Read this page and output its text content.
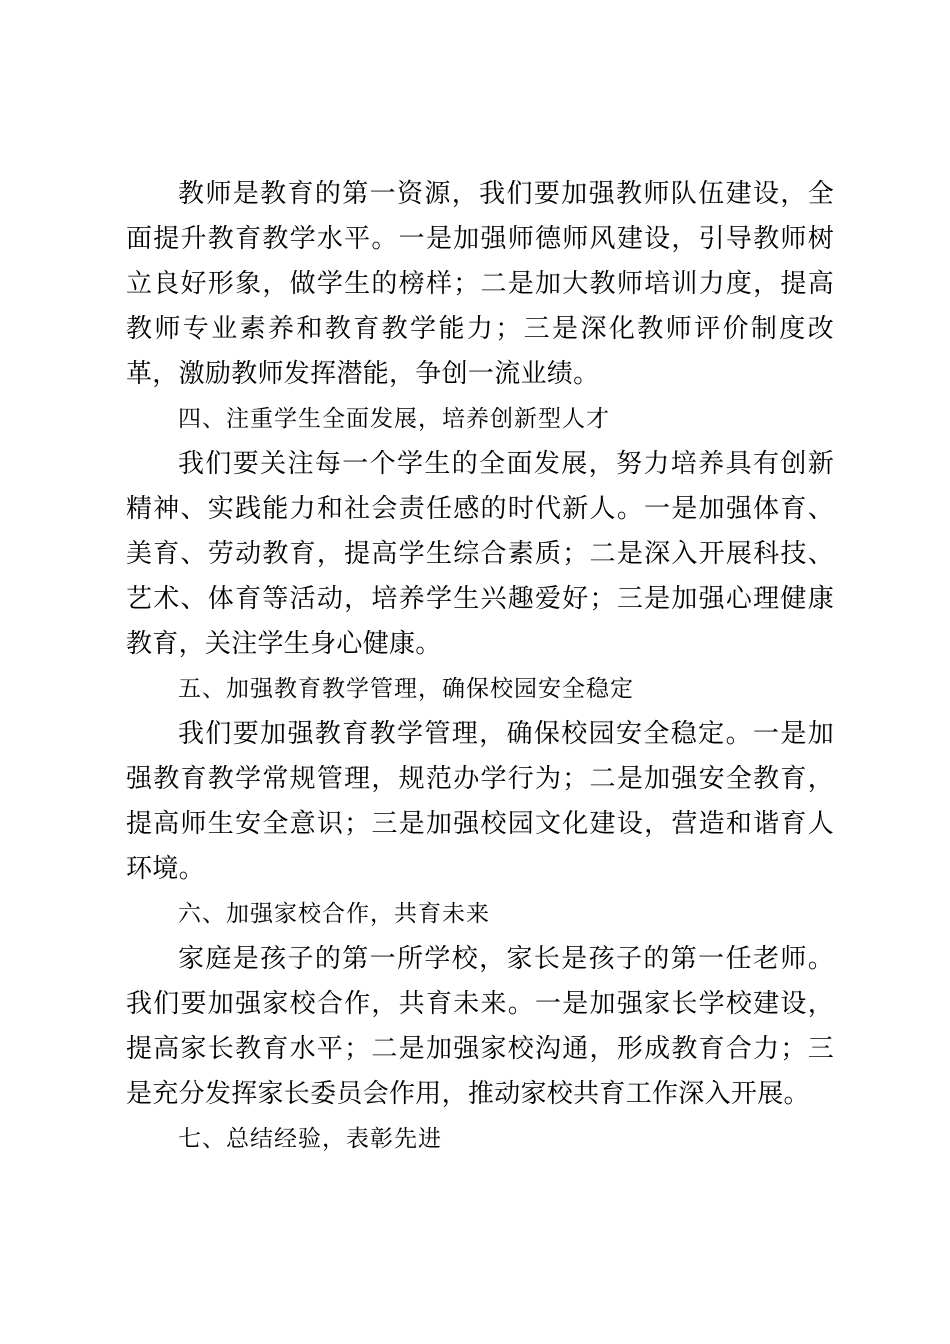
教师是教育的第一资源，我们要加强教师队伍建设，全面提升教育教学水平。一是加强师德师风建设，引导教师树立良好形象，做学生的榜样；二是加大教师培训力度，提高教师专业素养和教育教学能力；三是深化教师评价制度改革，激励教师发挥潜能，争创一流业绩。

四、注重学生全面发展，培养创新型人才

我们要关注每一个学生的全面发展，努力培养具有创新精神、实践能力和社会责任感的时代新人。一是加强体育、美育、劳动教育，提高学生综合素质；二是深入开展科技、艺术、体育等活动，培养学生兴趣爱好；三是加强心理健康教育，关注学生身心健康。

五、加强教育教学管理，确保校园安全稳定

我们要加强教育教学管理，确保校园安全稳定。一是加强教育教学常规管理，规范办学行为；二是加强安全教育，提高师生安全意识；三是加强校园文化建设，营造和谐育人环境。

六、加强家校合作，共育未来

家庭是孩子的第一所学校，家长是孩子的第一任老师。我们要加强家校合作，共育未来。一是加强家长学校建设，提高家长教育水平；二是加强家校沟通，形成教育合力；三是充分发挥家长委员会作用，推动家校共育工作深入开展。

七、总结经验，表彰先进
